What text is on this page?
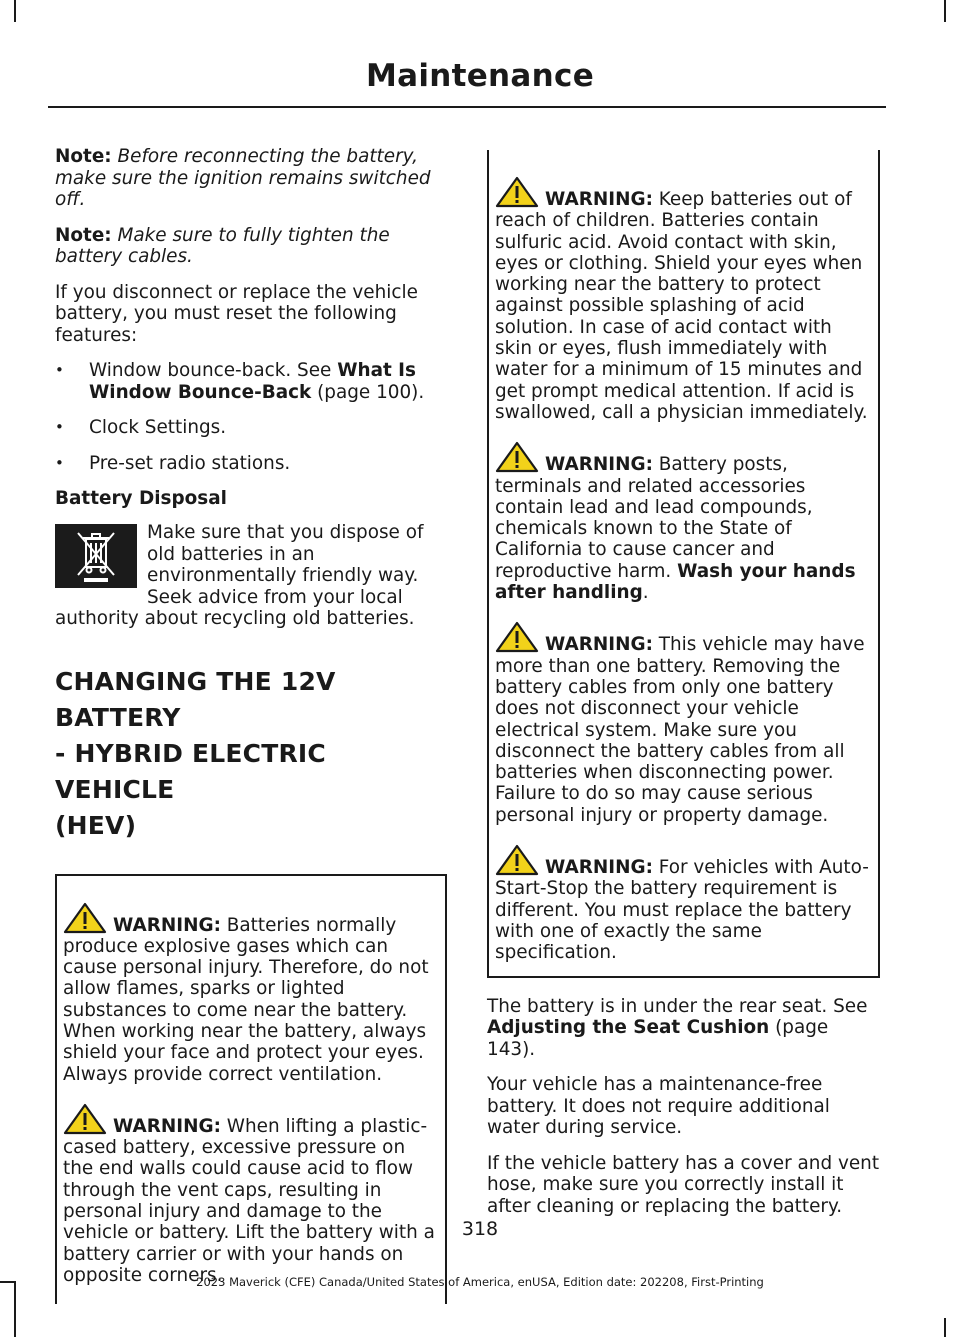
Maintenance

Note: Before reconnecting the battery, make sure the ignition remains switched off.

Note: Make sure to fully tighten the battery cables.

If you disconnect or replace the vehicle battery, you must reset the following features:

• Window bounce-back. See What Is Window Bounce-Back (page 100).
• Clock Settings.
• Pre-set radio stations.
Battery Disposal

Make sure that you dispose of old batteries in an environmentally friendly way. Seek advice from your local authority about recycling old batteries.

CHANGING THE 12V BATTERY
- HYBRID ELECTRIC VEHICLE
(HEV)

WARNING: Batteries normally produce explosive gases which can cause personal injury. Therefore, do not allow flames, sparks or lighted substances to come near the battery. When working near the battery, always shield your face and protect your eyes. Always provide correct ventilation.

WARNING: When lifting a plastic-cased battery, excessive pressure on the end walls could cause acid to flow through the vent caps, resulting in personal injury and damage to the vehicle or battery. Lift the battery with a battery carrier or with your hands on opposite corners.

WARNING: Keep batteries out of reach of children. Batteries contain sulfuric acid. Avoid contact with skin, eyes or clothing. Shield your eyes when working near the battery to protect against possible splashing of acid solution. In case of acid contact with skin or eyes, flush immediately with water for a minimum of 15 minutes and get prompt medical attention. If acid is swallowed, call a physician immediately.

WARNING: Battery posts, terminals and related accessories contain lead and lead compounds, chemicals known to the State of California to cause cancer and reproductive harm. Wash your hands after handling.

WARNING: This vehicle may have more than one battery. Removing the battery cables from only one battery does not disconnect your vehicle electrical system. Make sure you disconnect the battery cables from all batteries when disconnecting power. Failure to do so may cause serious personal injury or property damage.

WARNING: For vehicles with Auto-Start-Stop the battery requirement is different. You must replace the battery with one of exactly the same specification.

The battery is in under the rear seat. See Adjusting the Seat Cushion (page 143).

Your vehicle has a maintenance-free battery. It does not require additional water during service.

If the vehicle battery has a cover and vent hose, make sure you correctly install it after cleaning or replacing the battery.

318
2023 Maverick (CFE) Canada/United States of America, enUSA, Edition date: 202208, First-Printing
